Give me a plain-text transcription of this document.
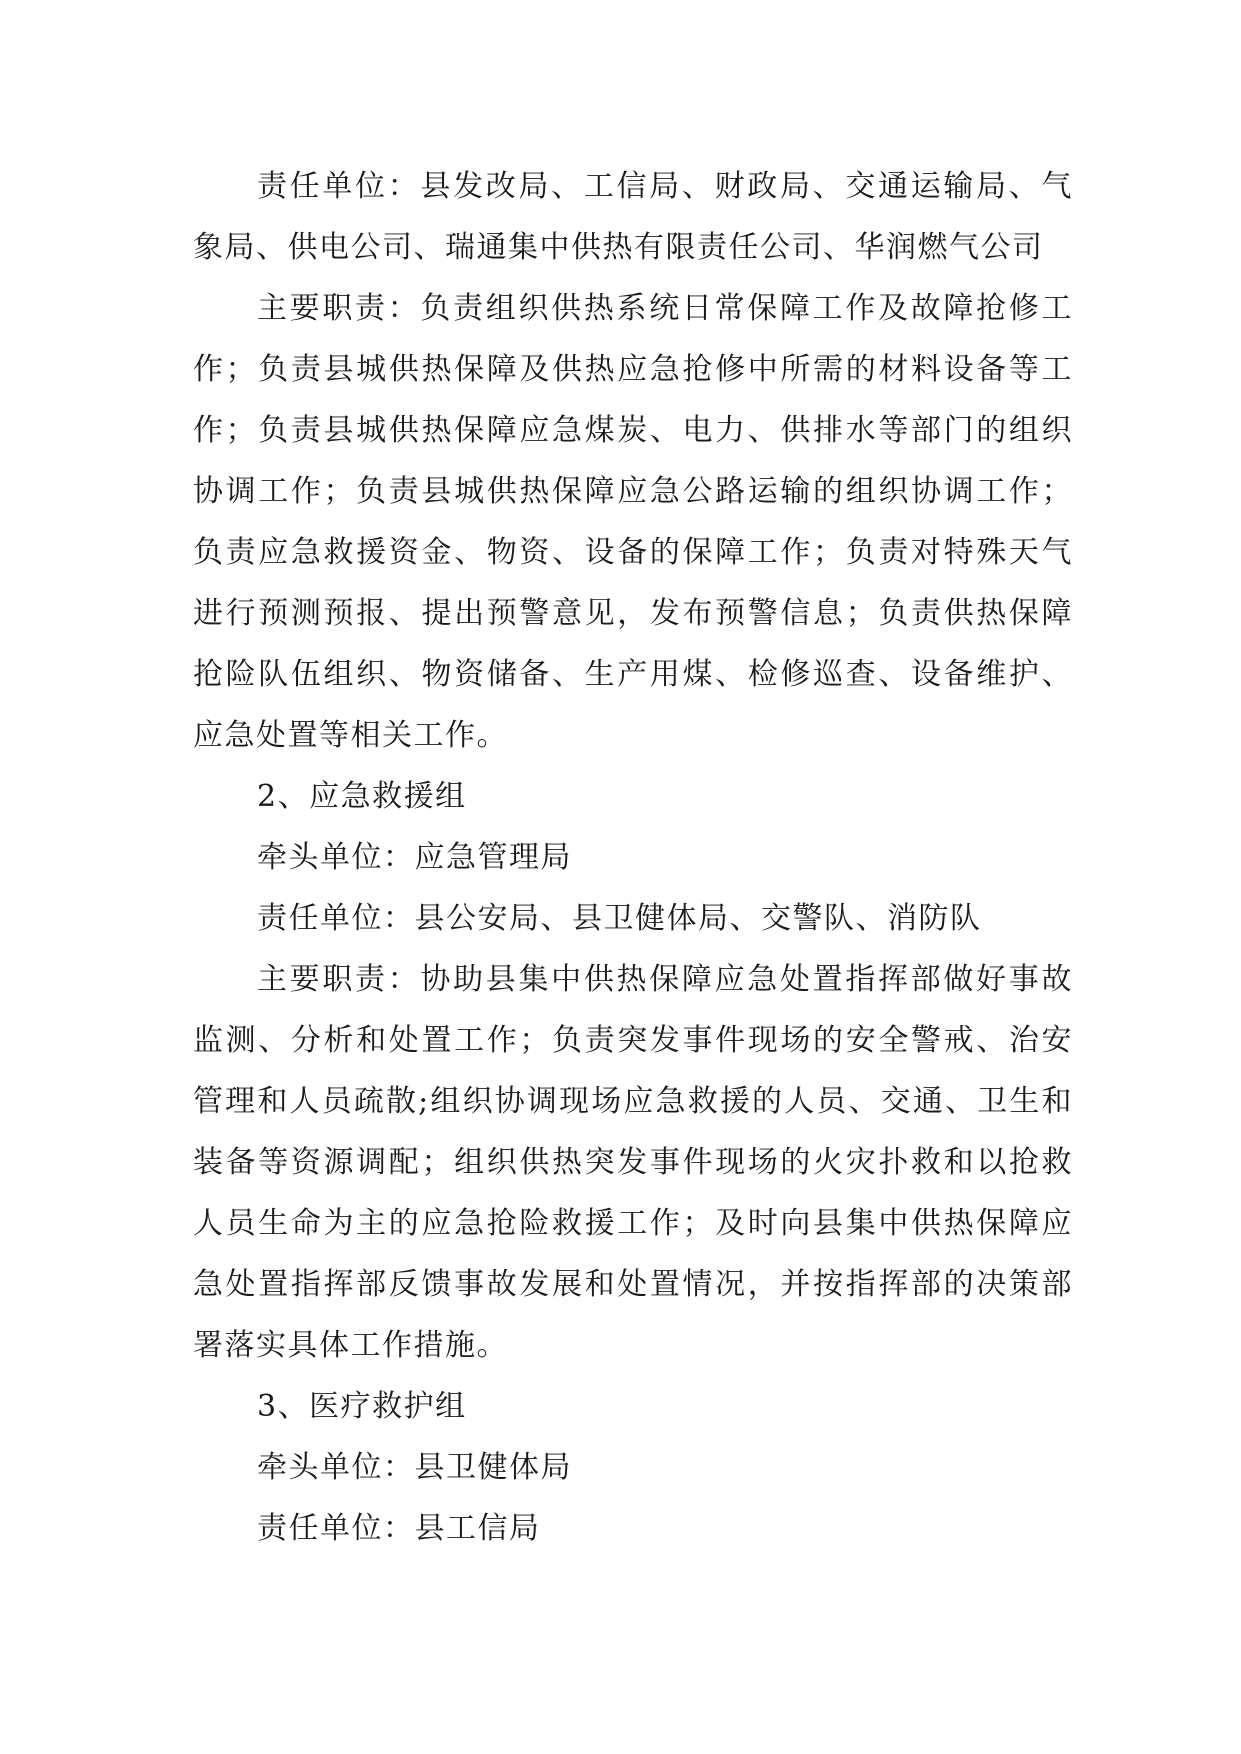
责任单位：县发改局、工信局、财政局、交通运输局、气象局、供电公司、瑞通集中供热有限责任公司、华润燃气公司

主要职责：负责组织供热系统日常保障工作及故障抢修工作；负责县城供热保障及供热应急抢修中所需的材料设备等工作；负责县城供热保障应急煤炭、电力、供排水等部门的组织协调工作；负责县城供热保障应急公路运输的组织协调工作；负责应急救援资金、物资、设备的保障工作；负责对特殊天气进行预测预报、提出预警意见，发布预警信息；负责供热保障抢险队伍组织、物资储备、生产用煤、检修巡查、设备维护、应急处置等相关工作。

2、应急救援组

牵头单位：应急管理局

责任单位：县公安局、县卫健体局、交警队、消防队

主要职责：协助县集中供热保障应急处置指挥部做好事故监测、分析和处置工作；负责突发事件现场的安全警戒、治安管理和人员疏散;组织协调现场应急救援的人员、交通、卫生和装备等资源调配；组织供热突发事件现场的火灾扑救和以抢救人员生命为主的应急抢险救援工作；及时向县集中供热保障应急处置指挥部反馈事故发展和处置情况，并按指挥部的决策部署落实具体工作措施。

3、医疗救护组

牵头单位：县卫健体局

责任单位：县工信局
